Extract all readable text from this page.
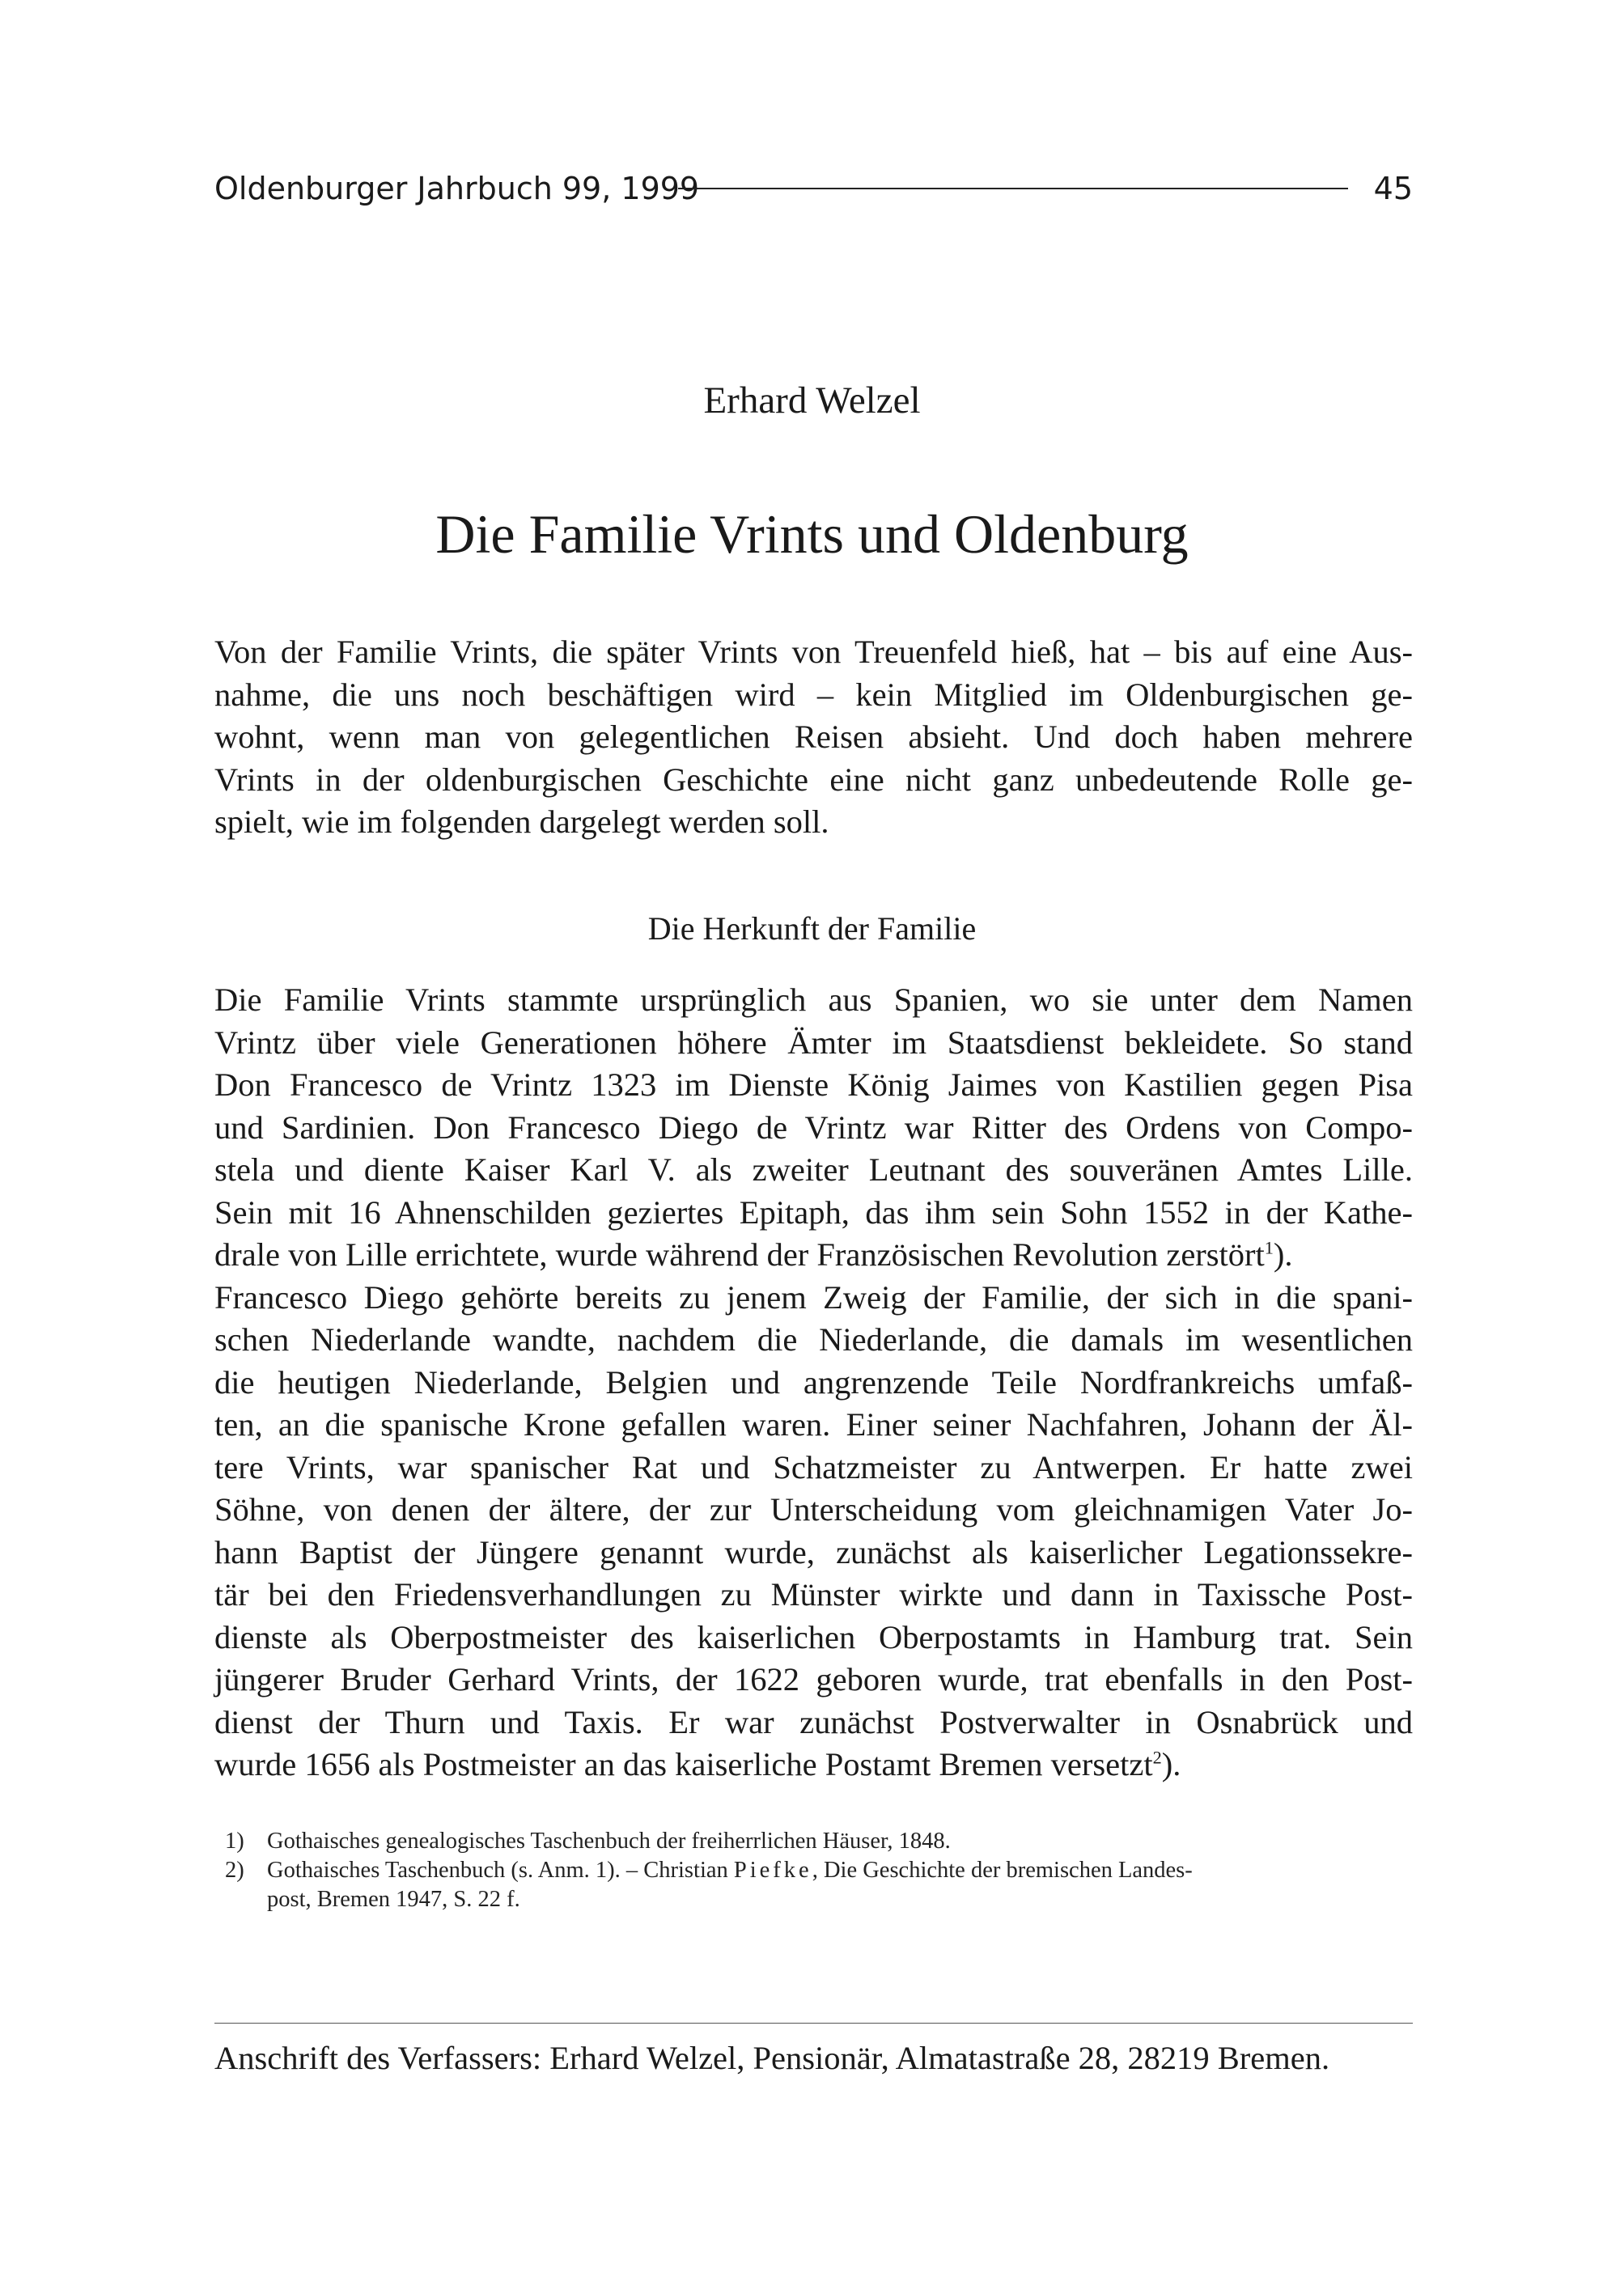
Oldenburger Jahrbuch 99, 1999	45
Erhard Welzel
Die Familie Vrints und Oldenburg
Von der Familie Vrints, die später Vrints von Treuenfeld hieß, hat – bis auf eine Aus-
nahme, die uns noch beschäftigen wird – kein Mitglied im Oldenburgischen ge-
wohnt, wenn man von gelegentlichen Reisen absieht. Und doch haben mehrere
Vrints in der oldenburgischen Geschichte eine nicht ganz unbedeutende Rolle ge-
spielt, wie im folgenden dargelegt werden soll.
Die Herkunft der Familie
Die Familie Vrints stammte ursprünglich aus Spanien, wo sie unter dem Namen
Vrintz über viele Generationen höhere Ämter im Staatsdienst bekleidete. So stand
Don Francesco de Vrintz 1323 im Dienste König Jaimes von Kastilien gegen Pisa
und Sardinien. Don Francesco Diego de Vrintz war Ritter des Ordens von Compo-
stela und diente Kaiser Karl V. als zweiter Leutnant des souveränen Amtes Lille.
Sein mit 16 Ahnenschilden geziertes Epitaph, das ihm sein Sohn 1552 in der Kathe-
drale von Lille errichtete, wurde während der Französischen Revolution zerstört$^1$).
Francesco Diego gehörte bereits zu jenem Zweig der Familie, der sich in die spani-
schen Niederlande wandte, nachdem die Niederlande, die damals im wesentlichen
die heutigen Niederlande, Belgien und angrenzende Teile Nordfrankreichs umfaß-
ten, an die spanische Krone gefallen waren. Einer seiner Nachfahren, Johann der Äl-
tere Vrints, war spanischer Rat und Schatzmeister zu Antwerpen. Er hatte zwei
Söhne, von denen der ältere, der zur Unterscheidung vom gleichnamigen Vater Jo-
hann Baptist der Jüngere genannt wurde, zunächst als kaiserlicher Legationssekre-
tär bei den Friedensverhandlungen zu Münster wirkte und dann in Taxissche Post-
dienste als Oberpostmeister des kaiserlichen Oberpostamts in Hamburg trat. Sein
jüngerer Bruder Gerhard Vrints, der 1622 geboren wurde, trat ebenfalls in den Post-
dienst der Thurn und Taxis. Er war zunächst Postverwalter in Osnabrück und
wurde 1656 als Postmeister an das kaiserliche Postamt Bremen versetzt$^2$).
1) Gothaisches genealogisches Taschenbuch der freiherrlichen Häuser, 1848.
2) Gothaisches Taschenbuch (s. Anm. 1). – Christian Piefke, Die Geschichte der bremischen Landes-
post, Bremen 1947, S. 22 f.
Anschrift des Verfassers: Erhard Welzel, Pensionär, Almatastraße 28, 28219 Bremen.
